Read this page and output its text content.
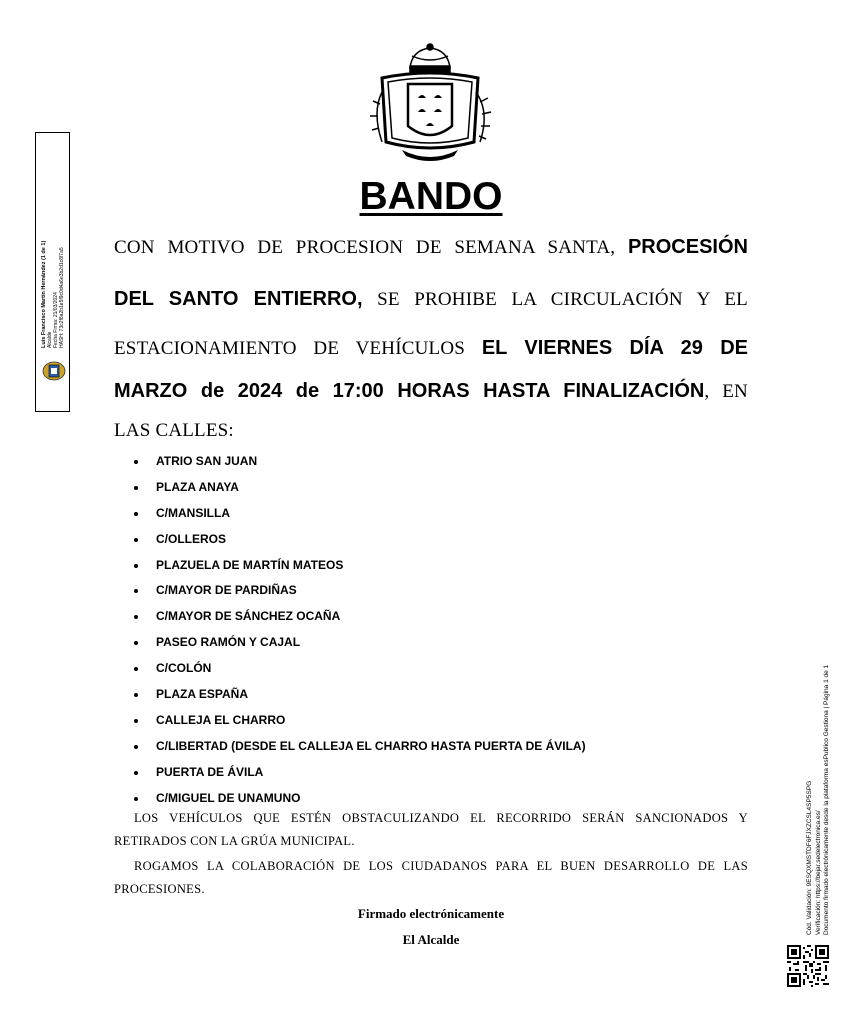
BANDO

CON MOTIVO DE PROCESION DE SEMANA SANTA, PROCESIÓN

DEL SANTO ENTIERRO, SE PROHIBE LA CIRCULACIÓN Y EL

ESTACIONAMIENTO DE VEHÍCULOS EL VIERNES DÍA 29 DE

MARZO de 2024 de 17:00 HORAS HASTA FINALIZACIÓN, EN

LAS CALLES:

ATRIO SAN JUAN
PLAZA ANAYA
C/MANSILLA
C/OLLEROS
PLAZUELA DE MARTÍN MATEOS
C/MAYOR DE PARDIÑAS
C/MAYOR DE SÁNCHEZ OCAÑA
PASEO RAMÓN Y CAJAL
C/COLÓN
PLAZA ESPAÑA
CALLEJA EL CHARRO
C/LIBERTAD (DESDE EL CALLEJA EL CHARRO HASTA PUERTA DE ÁVILA)
PUERTA DE ÁVILA
C/MIGUEL DE UNAMUNO

LOS VEHÍCULOS QUE ESTÉN OBSTACULIZANDO EL RECORRIDO SERÁN SANCIONADOS Y RETIRADOS CON LA GRÚA MUNICIPAL.

ROGAMOS LA COLABORACIÓN DE LOS CIUDADANOS PARA EL BUEN DESARROLLO DE LAS PROCESIONES.

Firmado electrónicamente

El Alcalde

Luis Francisco Martín Hernández (1 de 1) Alcalde Fecha Firma: 21/03/2024 HASH: 73c2f8a2b1e5f9c0d4a6e3b2d1c8f7a5
Cód. Validación: 9ESQXMSTDF6FJXZCSL4SP5SPG Verificación: https://bejar.sedelectronica.es/ Documento firmado electrónicamente desde la plataforma esPublico Gestiona | Página 1 de 1
